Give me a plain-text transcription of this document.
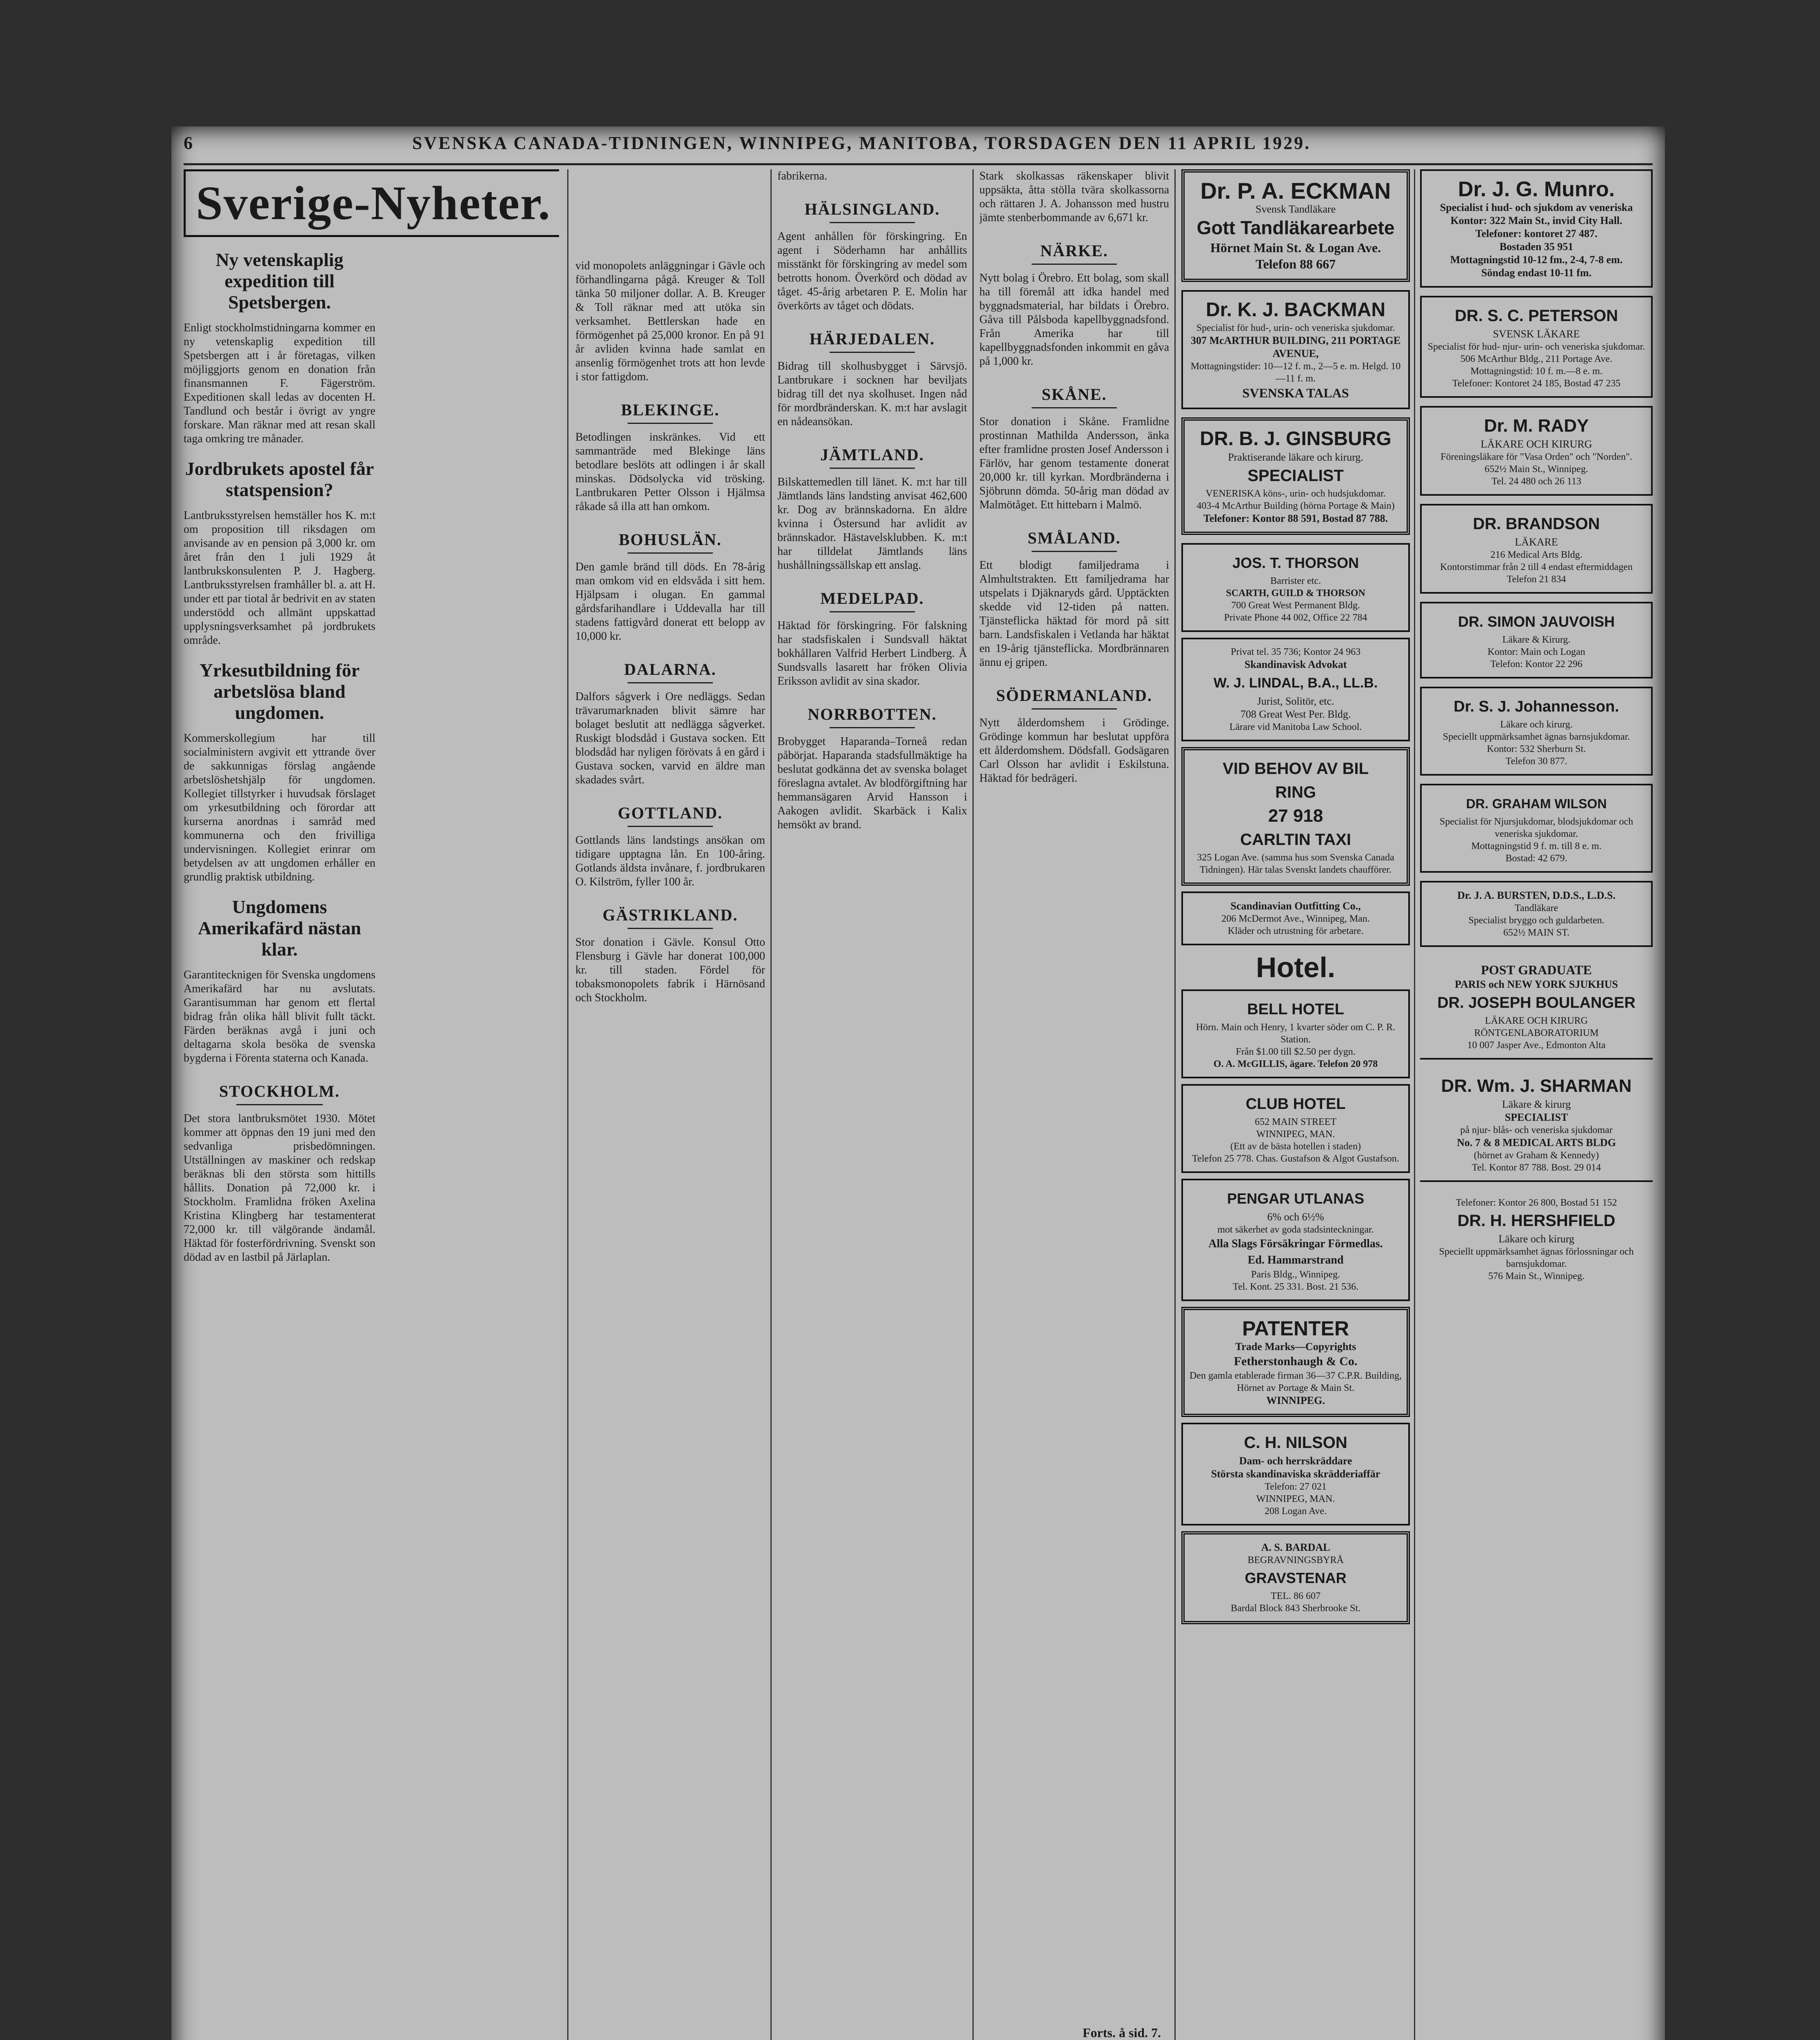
6	SVENSKA CANADA-TIDNINGEN, WINNIPEG, MANITOBA, TORSDAGEN DEN 11 APRIL 1929.
Sverige-Nyheter.
Ny vetenskaplig expedition till Spetsbergen.

Enligt stockholmstidningarna kommer en ny vetenskaplig expedition till Spetsbergen att i år företagas, vilken möjliggjorts genom en donation från finansmannen F. Fägerström. Expeditionen skall ledas av docenten H. Tandlund och består i övrigt av yngre forskare. Man räknar med att resan skall taga omkring tre månader.

Jordbrukets apostel får statspension?

Lantbruksstyrelsen hemställer hos K. m:t om proposition till riksdagen om anvisande av en pension på 3,000 kr. om året från den 1 juli 1929 åt lantbrukskonsulenten P. J. Hagberg. Lantbruksstyrelsen framhåller bl. a. att H. under ett par tiotal år bedrivit en av staten understödd och allmänt uppskattad upplysningsverksamhet på jordbrukets område.

Yrkesutbildning för arbetslösa bland ungdomen.

Kommerskollegium har till socialministern avgivit ett yttrande över de sakkunnigas förslag angående arbetslöshetshjälp för ungdomen. Kollegiet tillstyrker i huvudsak förslaget om yrkesutbildning och förordar att kurserna anordnas i samråd med kommunerna och den frivilliga undervisningen. Kollegiet erinrar om betydelsen av att ungdomen erhåller en grundlig praktisk utbildning.

Ungdomens Amerikafärd nästan klar.

Garantitecknigen för Svenska ungdomens Amerikafärd har nu avslutats. Garantisumman har genom ett flertal bidrag från olika håll blivit fullt täckt. Färden beräknas avgå i juni och deltagarna skola besöka de svenska bygderna i Förenta staterna och Kanada.

STOCKHOLM.

Det stora lantbruksmötet 1930. Mötet kommer att öppnas den 19 juni med den sedvanliga prisbedömningen. Utställningen av maskiner och redskap beräknas bli den största som hittills hållits. Donation på 72,000 kr. i Stockholm. Framlidna fröken Axelina Kristina Klingberg har testamenterat 72,000 kr. till välgörande ändamål. Häktad för fosterfördrivning. Svenskt son dödad av en lastbil på Järlaplan.

vid monopolets anläggningar i Gävle och förhandlingarna pågå. Kreuger & Toll tänka 50 miljoner dollar. A. B. Kreuger & Toll räknar med att utöka sin verksamhet. Bettlerskan hade en förmögenhet på 25,000 kronor. En på 91 år avliden kvinna hade samlat en ansenlig förmögenhet trots att hon levde i stor fattigdom.

BLEKINGE.

Betodlingen inskränkes. Vid ett sammanträde med Blekinge läns betodlare beslöts att odlingen i år skall minskas. Dödsolycka vid trösking. Lantbrukaren Petter Olsson i Hjälmsa råkade så illa att han omkom.

BOHUSLÄN.

Den gamle bränd till döds. En 78-årig man omkom vid en eldsvåda i sitt hem. Hjälpsam i olugan. En gammal gårdsfarihandlare i Uddevalla har till stadens fattigvård donerat ett belopp av 10,000 kr.

DALARNA.

Dalfors sågverk i Ore nedläggs. Sedan trävarumarknaden blivit sämre har bolaget beslutit att nedlägga sågverket. Ruskigt blodsdåd i Gustava socken. Ett blodsdåd har nyligen förövats å en gård i Gustava socken, varvid en äldre man skadades svårt.

GOTTLAND.

Gottlands läns landstings ansökan om tidigare upptagna lån. En 100-åring. Gotlands äldsta invånare, f. jordbrukaren O. Kilström, fyller 100 år.

GÄSTRIKLAND.

Stor donation i Gävle. Konsul Otto Flensburg i Gävle har donerat 100,000 kr. till staden. Fördel för tobaksmonopolets fabrik i Härnösand och Stockholm.

fabrikerna.

HÄLSINGLAND.

Agent anhållen för förskingring. En agent i Söderhamn har anhållits misstänkt för förskingring av medel som betrotts honom. Överkörd och dödad av tåget. 45-årig arbetaren P. E. Molin har överkörts av tåget och dödats.

HÄRJEDALEN.

Bidrag till skolhusbygget i Särvsjö. Lantbrukare i socknen har beviljats bidrag till det nya skolhuset. Ingen nåd för mordbränderskan. K. m:t har avslagit en nådeansökan.

JÄMTLAND.

Bilskattemedlen till länet. K. m:t har till Jämtlands läns landsting anvisat 462,600 kr. Dog av brännskadorna. En äldre kvinna i Östersund har avlidit av brännskador. Hästavelsklubben. K. m:t har tilldelat Jämtlands läns hushållningssällskap ett anslag.

MEDELPAD.

Häktad för förskingring. För falskning har stadsfiskalen i Sundsvall häktat bokhållaren Valfrid Herbert Lindberg. Å Sundsvalls lasarett har fröken Olivia Eriksson avlidit av sina skador.

NORRBOTTEN.

Brobygget Haparanda–Torneå redan påbörjat. Haparanda stadsfullmäktige ha beslutat godkänna det av svenska bolaget föreslagna avtalet. Av blodförgiftning har hemmansägaren Arvid Hansson i Aakogen avlidit. Skarbäck i Kalix hemsökt av brand.

Stark skolkassas räkenskaper blivit uppsäkta, åtta stölla tvära skolkassorna och rättaren J. A. Johansson med hustru jämte stenberbommande av 6,671 kr.

NÄRKE.

Nytt bolag i Örebro. Ett bolag, som skall ha till föremål att idka handel med byggnadsmaterial, har bildats i Örebro. Gåva till Pålsboda kapellbyggnadsfond. Från Amerika har till kapellbyggnadsfonden inkommit en gåva på 1,000 kr.

SKÅNE.

Stor donation i Skåne. Framlidne prostinnan Mathilda Andersson, änka efter framlidne prosten Josef Andersson i Färlöv, har genom testamente donerat 20,000 kr. till kyrkan. Mordbränderna i Sjöbrunn dömda. 50-årig man dödad av Malmötåget. Ett hittebarn i Malmö.

SMÅLAND.

Ett blodigt familjedrama i Almhultstrakten. Ett familjedrama har utspelats i Djäknaryds gård. Upptäckten skedde vid 12-tiden på natten. Tjänsteflicka häktad för mord på sitt barn. Landsfiskalen i Vetlanda har häktat en 19-årig tjänsteflicka. Mordbrännaren ännu ej gripen.

SÖDERMANLAND.

Nytt ålderdomshem i Grödinge. Grödinge kommun har beslutat uppföra ett ålderdomshem. Dödsfall. Godsägaren Carl Olsson har avlidit i Eskilstuna. Häktad för bedrägeri.

Forts. å sid. 7.
Dr. P. A. ECKMAN
Svensk Tandläkare
Gott Tandläkarearbete
Hörnet Main St. & Logan Ave.
Telefon 88 667
Dr. K. J. BACKMAN
Specialist för hud-, urin- och veneriska sjukdomar.
307 McARTHUR BUILDING, 211 PORTAGE AVENUE,
Mottagningstider: 10—12 f. m., 2—5 e. m. Helgd. 10—11 f. m.
SVENSKA TALAS
DR. B. J. GINSBURG
Praktiserande läkare och kirurg.
SPECIALIST
VENERISKA köns-, urin- och hudsjukdomar.
403-4 McArthur Building (hörna Portage & Main)
Telefoner: Kontor 88 591, Bostad 87 788.
JOS. T. THORSON
Barrister etc.
SCARTH, GUILD & THORSON
700 Great West Permanent Bldg.
Private Phone 44 002, Office 22 784
Privat tel. 35 736; Kontor 24 963
Skandinavisk Advokat
W. J. LINDAL, B.A., LL.B.
Jurist, Solitör, etc.
708 Great West Per. Bldg.
Lärare vid Manitoba Law School.
VID BEHOV AV BIL
RING
27 918
CARLTIN TAXI
325 Logan Ave. (samma hus som Svenska Canada Tidningen). Här talas Svenskt landets chaufförer.
Scandinavian Outfitting Co.,
206 McDermot Ave., Winnipeg, Man.
Kläder och utrustning för arbetare.
Hotel.
BELL HOTEL
Hörn. Main och Henry, 1 kvarter söder om C. P. R. Station.
Från $1.00 till $2.50 per dygn.
O. A. McGILLIS, ägare. Telefon 20 978
CLUB HOTEL
652 MAIN STREET
WINNIPEG, MAN.
(Ett av de bästa hotellen i staden)
Telefon 25 778. Chas. Gustafson & Algot Gustafson.
PENGAR UTLANAS
6% och 6½%
mot säkerhet av goda stadsinteckningar.
Alla Slags Försäkringar Förmedlas.
Ed. Hammarstrand
Paris Bldg., Winnipeg.
Tel. Kont. 25 331. Bost. 21 536.
PATENTER
Trade Marks—Copyrights
Fetherstonhaugh & Co.
Den gamla etablerade firman 36—37 C.P.R. Building,
Hörnet av Portage & Main St.
WINNIPEG.
C. H. NILSON
Dam- och herrskräddare
Största skandinaviska skrädderiaffär
Telefon: 27 021
WINNIPEG, MAN.
208 Logan Ave.
A. S. BARDAL
BEGRAVNINGSBYRÅ
GRAVSTENAR
TEL. 86 607
Bardal Block 843 Sherbrooke St.
Dr. J. G. Munro.
Specialist i hud- och sjukdom av veneriska
Kontor: 322 Main St., invid City Hall.
Telefoner: kontoret 27 487.
Bostaden 35 951
Mottagningstid 10-12 fm., 2-4, 7-8 em.
Söndag endast 10-11 fm.
DR. S. C. PETERSON
SVENSK LÄKARE
Specialist för hud- njur- urin- och veneriska sjukdomar.
506 McArthur Bldg., 211 Portage Ave.
Mottagningstid: 10 f. m.—8 e. m.
Telefoner: Kontoret 24 185, Bostad 47 235
Dr. M. RADY
LÄKARE OCH KIRURG
Föreningsläkare för "Vasa Orden" och "Norden".
652½ Main St., Winnipeg.
Tel. 24 480 och 26 113
DR. BRANDSON
LÄKARE
216 Medical Arts Bldg.
Kontorstimmar från 2 till 4 endast eftermiddagen
Telefon 21 834
DR. SIMON JAUVOISH
Läkare & Kirurg.
Kontor: Main och Logan
Telefon: Kontor 22 296
Dr. S. J. Johannesson.
Läkare och kirurg.
Speciellt uppmärksamhet ägnas barnsjukdomar.
Kontor: 532 Sherburn St.
Telefon 30 877.
DR. GRAHAM WILSON
Specialist för Njursjukdomar, blodsjukdomar och veneriska sjukdomar.
Mottagningstid 9 f. m. till 8 e. m.
Bostad: 42 679.
Dr. J. A. BURSTEN, D.D.S., L.D.S.
Tandläkare
Specialist bryggo och guldarbeten.
652½ MAIN ST.
POST GRADUATE
PARIS och NEW YORK SJUKHUS
DR. JOSEPH BOULANGER
LÄKARE OCH KIRURG
RÖNTGENLABORATORIUM
10 007 Jasper Ave., Edmonton Alta
DR. Wm. J. SHARMAN
Läkare & kirurg
SPECIALIST
på njur- blås- och veneriska sjukdomar
No. 7 & 8 MEDICAL ARTS BLDG
(hörnet av Graham & Kennedy)
Tel. Kontor 87 788. Bost. 29 014
Telefoner: Kontor 26 800, Bostad 51 152
DR. H. HERSHFIELD
Läkare och kirurg
Speciellt uppmärksamhet ägnas förlossningar och barnsjukdomar.
576 Main St., Winnipeg.
